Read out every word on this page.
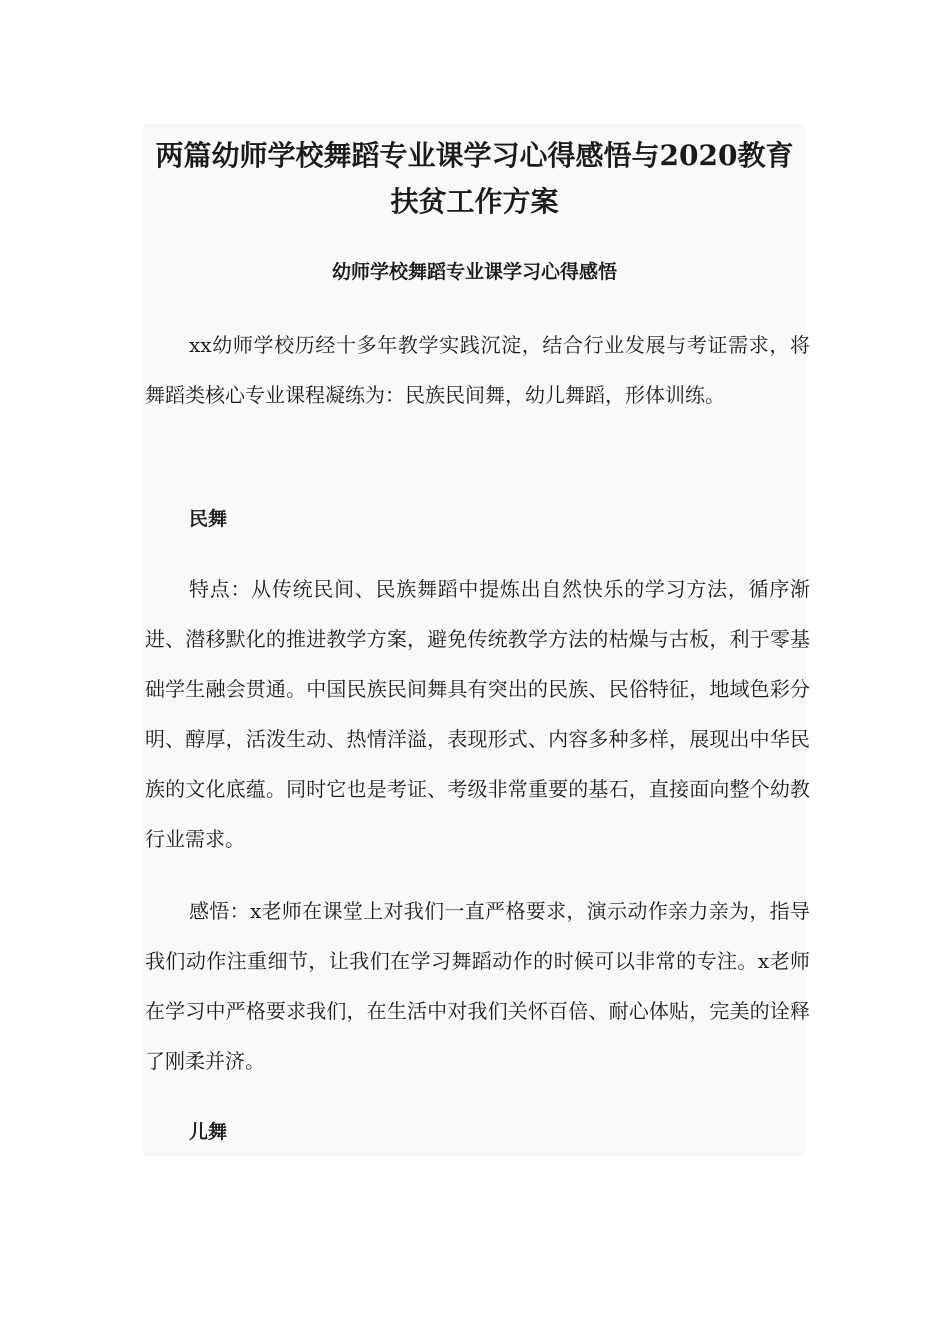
两篇幼师学校舞蹈专业课学习心得感悟与2020教育扶贫工作方案
幼师学校舞蹈专业课学习心得感悟

xx幼师学校历经十多年教学实践沉淀，结合行业发展与考证需求，将舞蹈类核心专业课程凝练为：民族民间舞，幼儿舞蹈，形体训练。

民舞

特点：从传统民间、民族舞蹈中提炼出自然快乐的学习方法，循序渐进、潜移默化的推进教学方案，避免传统教学方法的枯燥与古板，利于零基础学生融会贯通。中国民族民间舞具有突出的民族、民俗特征，地域色彩分明、醇厚，活泼生动、热情洋溢，表现形式、内容多种多样，展现出中华民族的文化底蕴。同时它也是考证、考级非常重要的基石，直接面向整个幼教行业需求。

感悟：x老师在课堂上对我们一直严格要求，演示动作亲力亲为，指导我们动作注重细节，让我们在学习舞蹈动作的时候可以非常的专注。x老师在学习中严格要求我们，在生活中对我们关怀百倍、耐心体贴，完美的诠释了刚柔并济。

儿舞
